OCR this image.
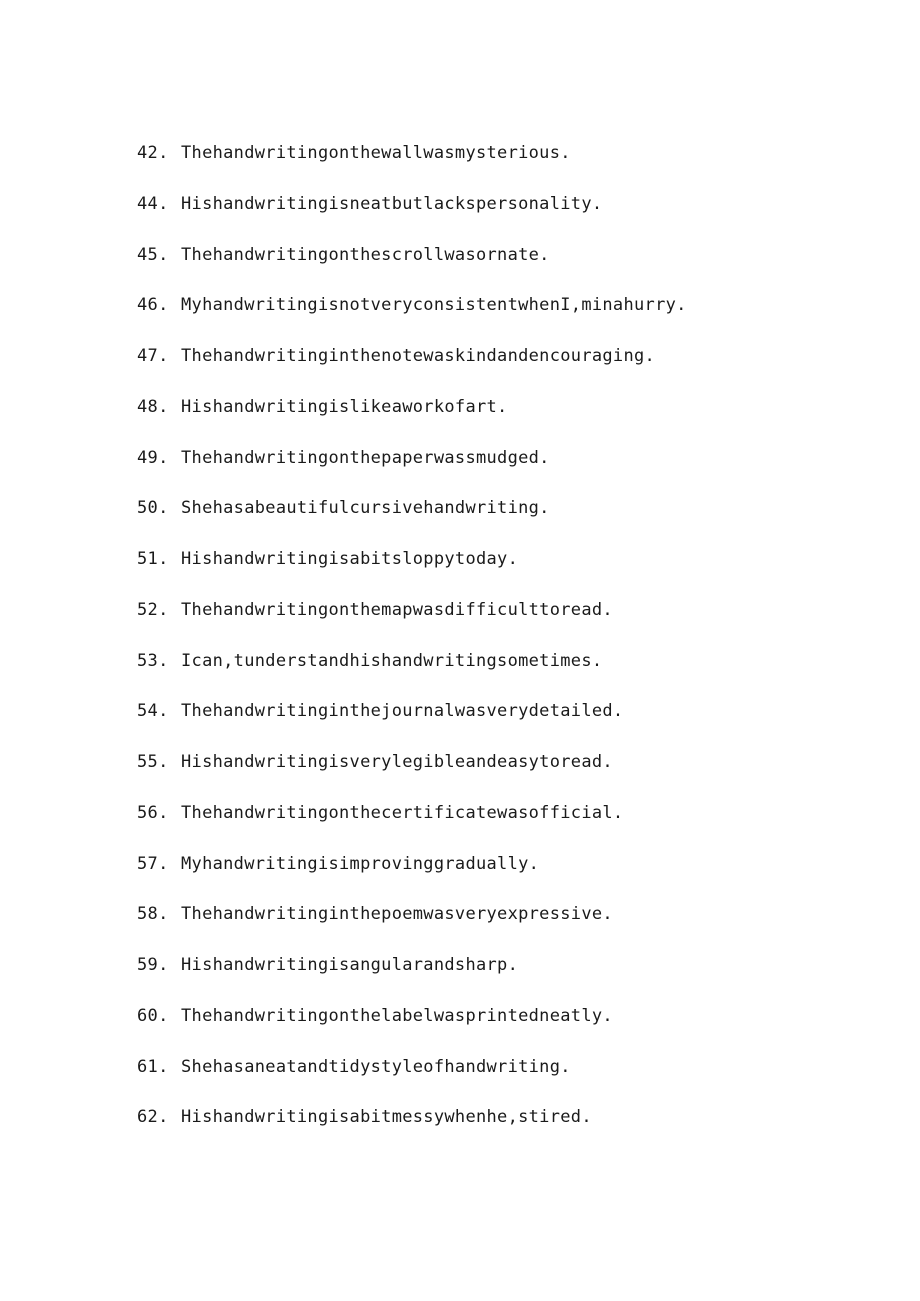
42. Thehandwritingonthewallwasmysterious.
44. Hishandwritingisneatbutlackspersonality.
45. Thehandwritingonthescrollwasornate.
46. MyhandwritingisnotveryconsistentwhenI,minahurry.
47. Thehandwritinginthenotewaskindandencouraging.
48. Hishandwritingislikeaworkofart.
49. Thehandwritingonthepaperwassmudged.
50. Shehasabeautifulcursivehandwriting.
51. Hishandwritingisabitsloppytoday.
52. Thehandwritingonthemapwasdifficulttoread.
53. Ican,tunderstandhishandwritingsometimes.
54. Thehandwritinginthejournalwasverydetailed.
55. Hishandwritingisverylegibleandeasytoread.
56. Thehandwritingonthecertificatewasofficial.
57. Myhandwritingisimprovinggradually.
58. Thehandwritinginthepoemwasveryexpressive.
59. Hishandwritingisangularandsharp.
60. Thehandwritingonthelabelwasprintedneatly.
61. Shehasaneatandtidystyleofhandwriting.
62. Hishandwritingisabitmessywhenhe,stired.
